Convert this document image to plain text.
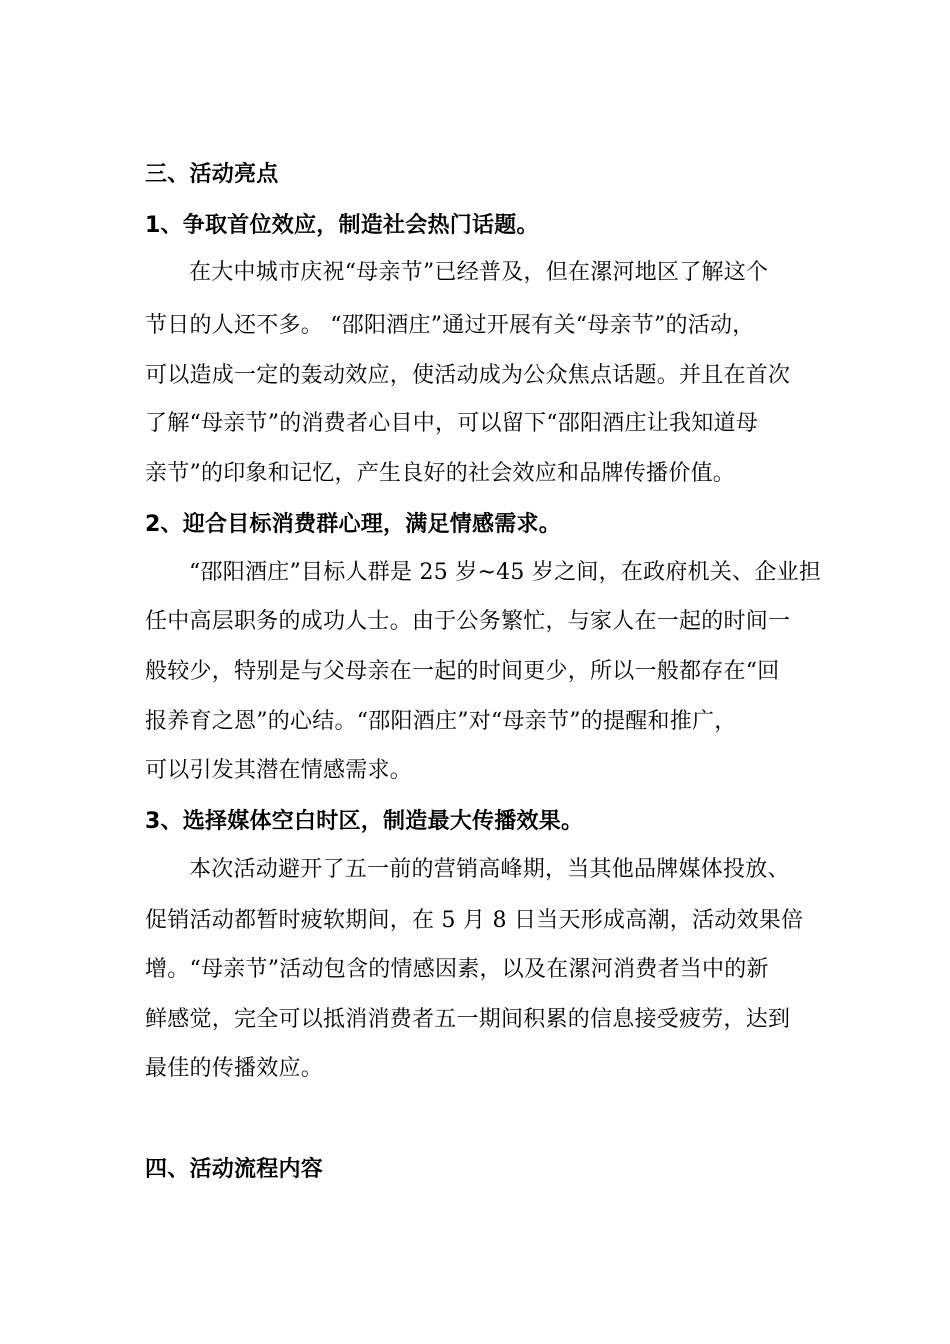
三、活动亮点
1、争取首位效应，制造社会热门话题。
在大中城市庆祝“母亲节”已经普及，但在漯河地区了解这个
节日的人还不多。 “邵阳酒庄”通过开展有关“母亲节”的活动，
可以造成一定的轰动效应，使活动成为公众焦点话题。并且在首次
了解“母亲节”的消费者心目中，可以留下“邵阳酒庄让我知道母
亲节”的印象和记忆，产生良好的社会效应和品牌传播价值。
2、迎合目标消费群心理，满足情感需求。
“邵阳酒庄”目标人群是 25 岁~45 岁之间，在政府机关、企业担
任中高层职务的成功人士。由于公务繁忙，与家人在一起的时间一
般较少，特别是与父母亲在一起的时间更少，所以一般都存在“回
报养育之恩”的心结。“邵阳酒庄”对“母亲节”的提醒和推广，
可以引发其潜在情感需求。
3、选择媒体空白时区，制造最大传播效果。
本次活动避开了五一前的营销高峰期，当其他品牌媒体投放、
促销活动都暂时疲软期间，在 5 月 8 日当天形成高潮，活动效果倍
增。“母亲节”活动包含的情感因素，以及在漯河消费者当中的新
鲜感觉，完全可以抵消消费者五一期间积累的信息接受疲劳，达到
最佳的传播效应。
四、活动流程内容
